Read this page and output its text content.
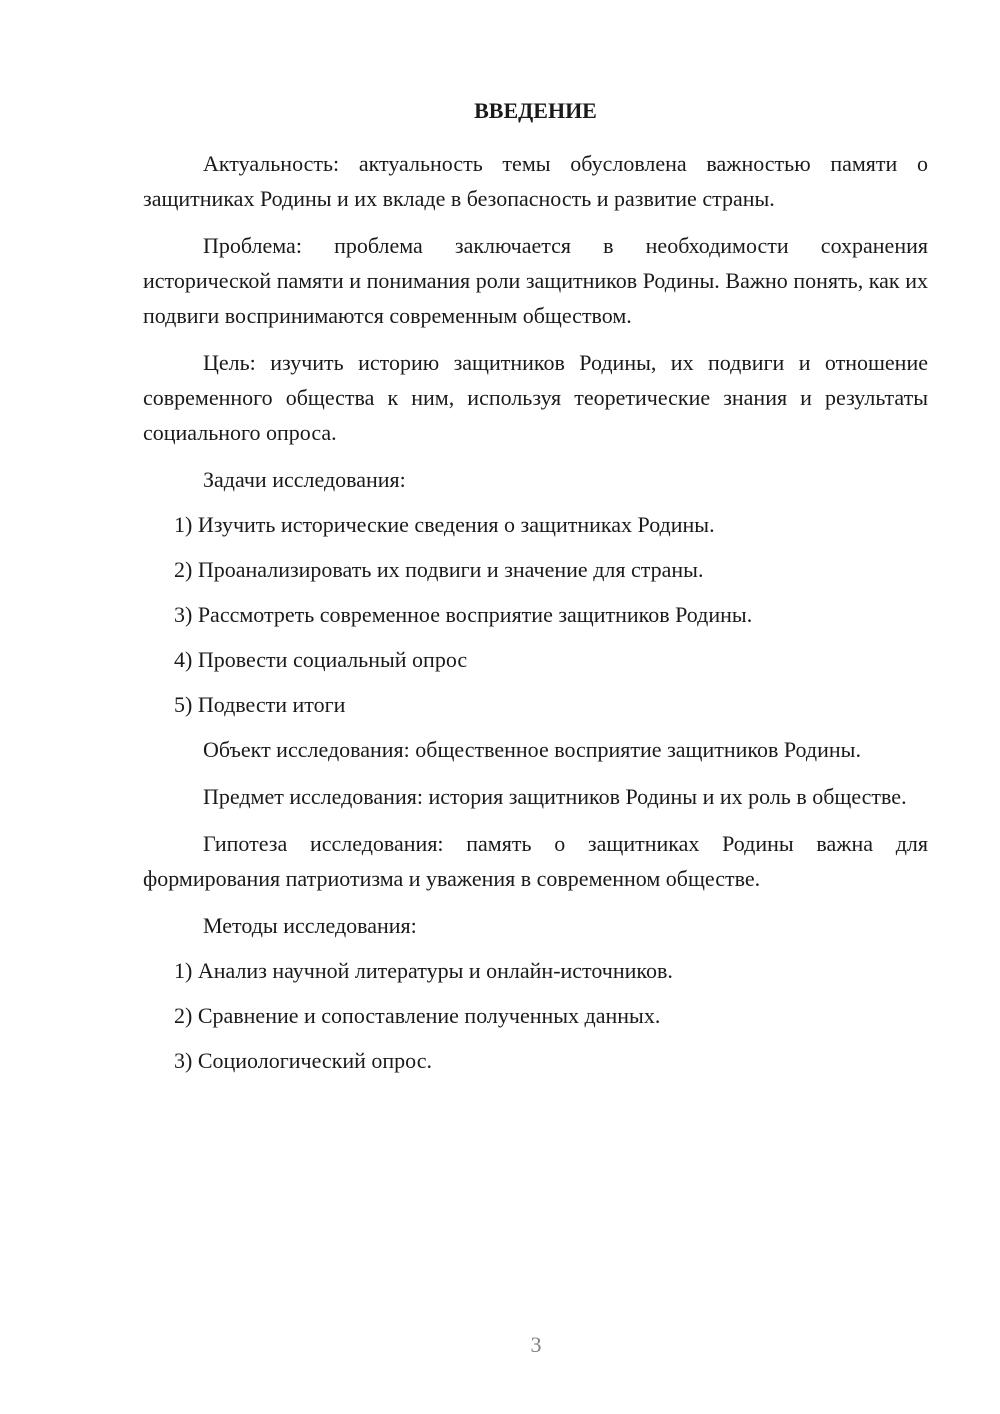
ВВЕДЕНИЕ

Актуальность: актуальность темы обусловлена важностью памяти о защитниках Родины и их вкладе в безопасность и развитие страны.

Проблема: проблема заключается в необходимости сохранения исторической памяти и понимания роли защитников Родины. Важно понять, как их подвиги воспринимаются современным обществом.

Цель: изучить историю защитников Родины, их подвиги и отношение современного общества к ним, используя теоретические знания и результаты социального опроса.

Задачи исследования:
1) Изучить исторические сведения о защитниках Родины.
2) Проанализировать их подвиги и значение для страны.
3) Рассмотреть современное восприятие защитников Родины.
4) Провести социальный опрос
5) Подвести итоги

Объект исследования: общественное восприятие защитников Родины.

Предмет исследования: история защитников Родины и их роль в обществе.

Гипотеза исследования: память о защитниках Родины важна для формирования патриотизма и уважения в современном обществе.

Методы исследования:
1) Анализ научной литературы и онлайн-источников.
2) Сравнение и сопоставление полученных данных.
3) Социологический опрос.
3
